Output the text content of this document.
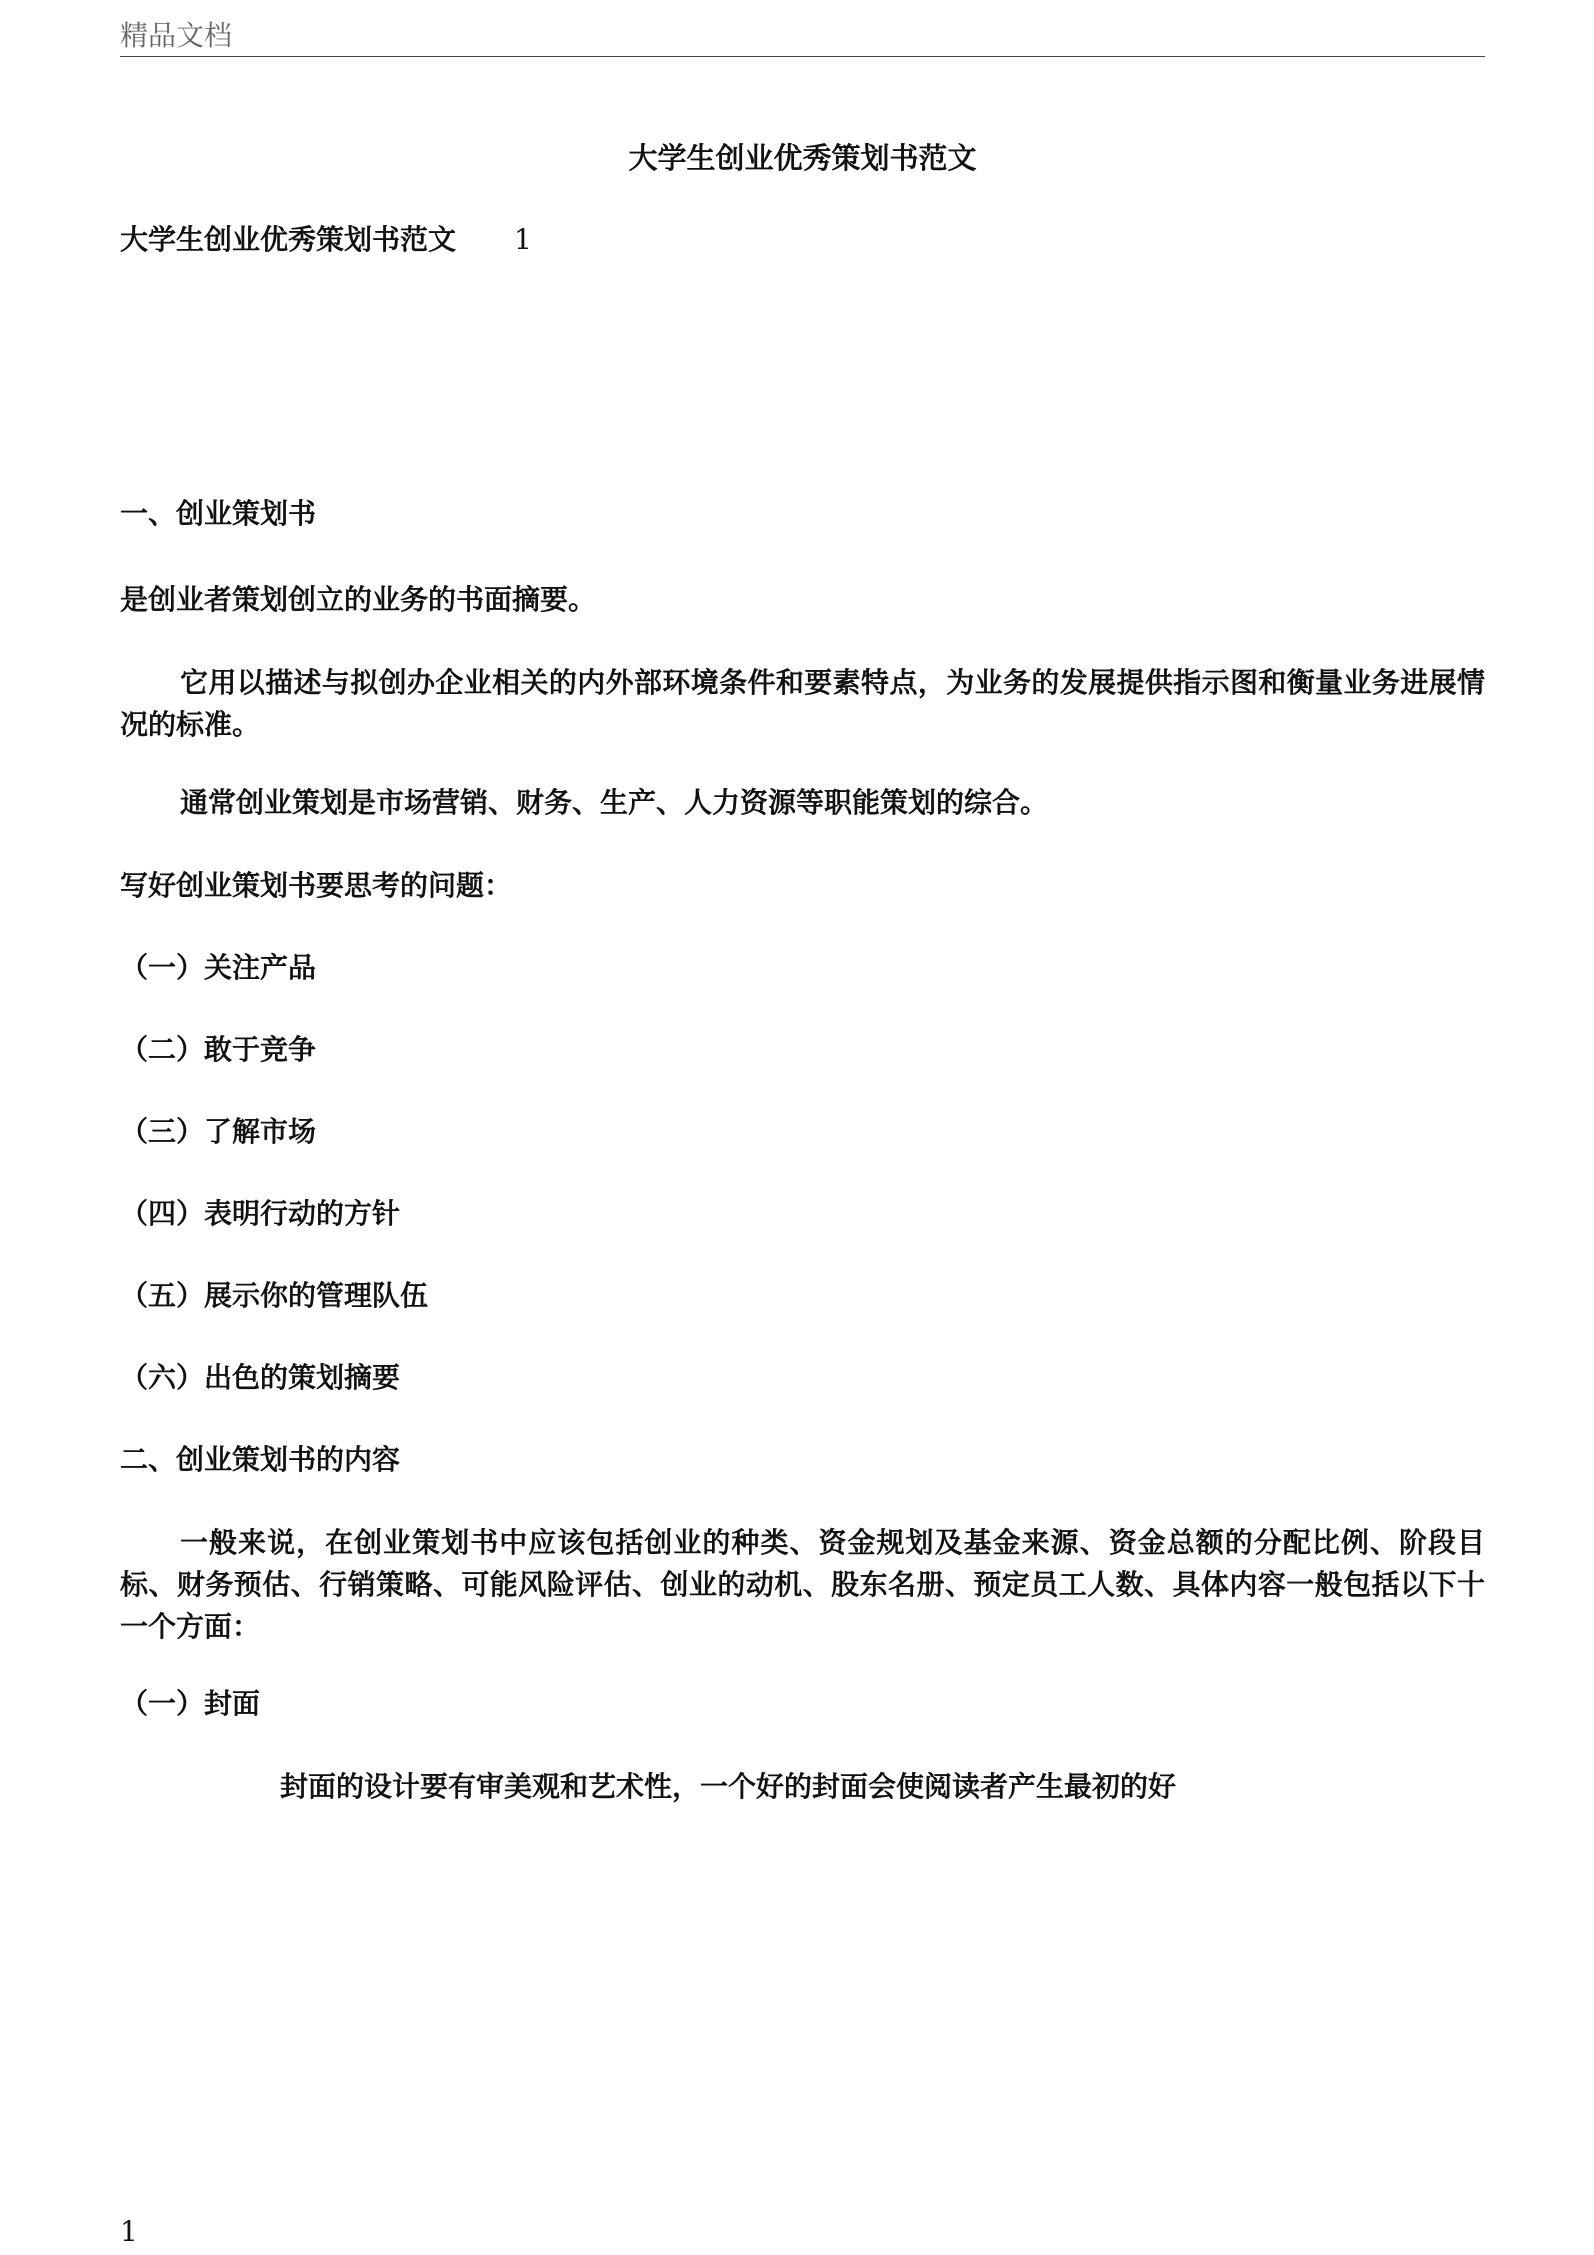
精品文档
大学生创业优秀策划书范文
大学生创业优秀策划书范文 1
一、创业策划书
是创业者策划创立的业务的书面摘要。
它用以描述与拟创办企业相关的内外部环境条件和要素特点，为业务的发展提供指示图和衡量业务进展情况的标准。
通常创业策划是市场营销、财务、生产、人力资源等职能策划的综合。
写好创业策划书要思考的问题：
（一）关注产品
（二）敢于竞争
（三）了解市场
（四）表明行动的方针
（五）展示你的管理队伍
（六）出色的策划摘要
二、创业策划书的内容
一般来说，在创业策划书中应该包括创业的种类、资金规划及基金来源、资金总额的分配比例、阶段目标、财务预估、行销策略、可能风险评估、创业的动机、股东名册、预定员工人数、具体内容一般包括以下十一个方面：
（一）封面
封面的设计要有审美观和艺术性，一个好的封面会使阅读者产生最初的好
1
